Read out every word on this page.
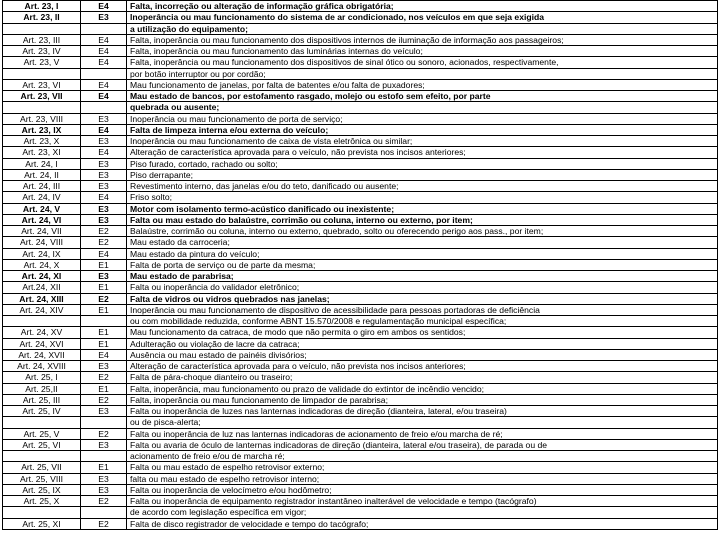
Art. 23, I	E4	Falta, incorreção ou alteração de informação gráfica obrigatória;
Art. 23, II	E3	Inoperância ou mau funcionamento do sistema de ar condicionado, nos veículos em que seja exigida
		a utilização do equipamento;
Art. 23, III	E4	Falta, inoperância ou mau funcionamento dos dispositivos internos de iluminação de informação aos passageiros;
Art. 23, IV	E4	Falta, inoperância ou mau funcionamento das luminárias internas do veículo;
Art. 23, V	E4	Falta, inoperância ou mau funcionamento dos dispositivos de sinal ótico ou sonoro, acionados, respectivamente,
		por botão interruptor ou por cordão;
Art. 23, VI	E4	Mau funcionamento de janelas, por falta de batentes e/ou falta de puxadores;
Art. 23, VII	E4	Mau estado de bancos, por estofamento rasgado, molejo ou estofo sem efeito, por parte
		quebrada ou ausente;
Art. 23, VIII	E3	Inoperância ou mau funcionamento de porta de serviço;
Art. 23, IX	E4	Falta de limpeza interna e/ou externa do veículo;
Art. 23, X	E3	Inoperância ou mau funcionamento de caixa de vista eletrônica ou similar;
Art. 23, XI	E4	Alteração de característica aprovada para o veículo, não prevista nos incisos anteriores;
Art. 24, I	E3	Piso furado, cortado, rachado ou solto;
Art. 24, II	E3	Piso derrapante;
Art. 24, III	E3	Revestimento interno, das janelas e/ou do teto, danificado ou ausente;
Art. 24, IV	E4	Friso solto;
Art. 24, V	E3	Motor com isolamento termo-acústico danificado ou inexistente;
Art. 24, VI	E3	Falta ou mau estado do balaústre, corrimão ou coluna, interno ou externo, por item;
Art. 24, VII	E2	Balaústre, corrimão ou coluna, interno ou externo, quebrado, solto ou oferecendo perigo aos pass., por item;
Art. 24, VIII	E2	Mau estado da carroceria;
Art. 24, IX	E4	Mau estado da pintura do veículo;
Art. 24, X	E1	Falta de porta de serviço ou de parte da mesma;
Art. 24, XI	E3	Mau estado de parabrisa;
Art.24, XII	E1	Falta ou inoperância do validador eletrônico;
Art. 24, XIII	E2	Falta de vidros ou vidros quebrados nas janelas;
Art. 24, XIV	E1	Inoperância ou mau funcionamento de dispositivo de acessibilidade para pessoas portadoras de deficiência
		ou com mobilidade reduzida, conforme ABNT 15.570/2008 e regulamentação municipal específica;
Art. 24, XV	E1	Mau funcionamento da catraca, de modo que não permita o giro em ambos os sentidos;
Art. 24, XVI	E1	Adulteração ou violação de lacre da catraca;
Art. 24, XVII	E4	Ausência ou mau estado de painéis divisórios;
Art. 24, XVIII	E3	Alteração de característica aprovada para o veículo, não prevista nos incisos anteriores;
Art. 25, I	E2	Falta de pára-choque dianteiro ou traseiro;
Art. 25,II	E1	Falta, inoperância, mau funcionamento ou prazo de validade do extintor de incêndio vencido;
Art. 25, III	E2	Falta, inoperância ou mau funcionamento de limpador de parabrisa;
Art. 25, IV	E3	Falta ou inoperância de luzes nas lanternas indicadoras de direção (dianteira, lateral, e/ou traseira)
		ou de pisca-alerta;
Art. 25, V	E2	Falta ou inoperância de luz nas lanternas indicadoras de acionamento de freio e/ou marcha de ré;
Art. 25, VI	E3	Falta ou avaria de óculo de lanternas indicadoras de direção (dianteira, lateral e/ou traseira), de parada ou de
		acionamento de freio e/ou de marcha ré;
Art. 25, VII	E1	Falta ou mau estado de espelho retrovisor externo;
Art. 25, VIII	E3	falta ou mau estado de espelho retrovisor interno;
Art. 25, IX	E3	Falta ou inoperância de velocímetro e/ou hodômetro;
Art. 25, X	E2	Falta ou inoperância de equipamento registrador instantâneo inalterável de velocidade e tempo (tacógrafo)
		de acordo com legislação específica em vigor;
Art. 25, XI	E2	Falta de disco registrador de velocidade e tempo do tacógrafo;
